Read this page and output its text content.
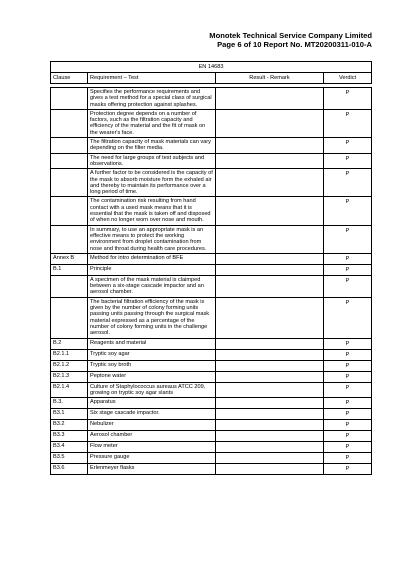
Monotek Technical Service Company Limited
Page 6 of 10 Report No. MT20200311-010-A
EN 14683			
Clause	Requirement – Test	Result - Remark	Verdict

	Specifies the performance requirements and gives a test method for a special class of surgical masks offering protection against splashes.		P
	Protection degree depends on a number of factors, such as the filtration capacity and efficiency of the material and the fit of mask on the wearer's face.		P
	The filtration capacity of mask materials can vary depending on the filter media.		P
	The need for large groups of test subjects and observations.		P
	A further factor to be considered is the capacity of the mask to absorb moisture form the exhaled air and thereby to maintain its performance over a long period of time.		P
	The contamination risk resulting from hand contact with a used mask means that it is essential that the mask is taken off and disposed of when no longer worn over nose and mouth.		P
	In summary, to use an appropriate mask is an effective means to protect the working environment from droplet contamination from nose and throat during health care procedures.		P
Annex B	Method for intro determination of BFE		P
B.1	Principle		P
	A specimen of the mask material is claimped between a six-stage cascade impactor and an aerosol chamber.		P
	The bacterial filtration efficiency of the mask is given by the number of colony forming units passing units passing through the surgical mask material expressed as a percentage of the number of colony forming units in the challenge aerosol.		P
B.2	Reagents and material		P
B2.1.1	Tryptic soy agar		P
B2.1.2	Tryptic soy broth		P
B2.1.3	Peptone water		P
B2.1.4	Culture of Staphylococcus aureaus ATCC 209, growing on tryptic soy agar slants		P
B.3.	Apparatus		P
B3.1	Six stage cascade impactor.		P
B3.2	Nebulizer		P
B3.3	Aerosol chamber		P
B3.4	Flow meter		P
B3.5	Pressure gauge		P
B3.6	Erlenmeyer flasks		P
